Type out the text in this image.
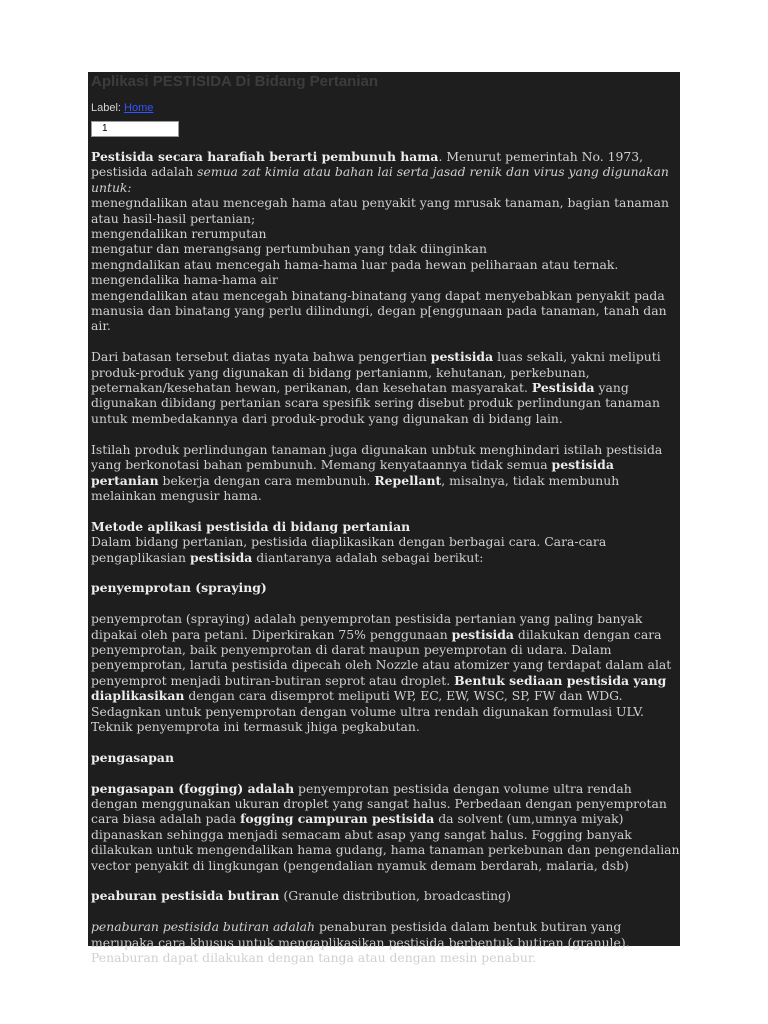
Aplikasi PESTISIDA Di Bidang Pertanian
Label: Home
1

Pestisida secara harafiah berarti pembunuh hama. Menurut pemerintah No. 1973, pestisida adalah semua zat kimia atau bahan lai serta jasad renik dan virus yang digunakan untuk:

menegndalikan atau mencegah hama atau penyakit yang mrusak tanaman, bagian tanaman atau hasil-hasil pertanian;

mengendalikan rerumputan

mengatur dan merangsang pertumbuhan yang tdak diinginkan

mengndalikan atau mencegah hama-hama luar pada hewan peliharaan atau ternak.

mengendalika hama-hama air

mengendalikan atau mencegah binatang-binatang yang dapat menyebabkan penyakit pada manusia dan binatang yang perlu dilindungi, degan p[enggunaan pada tanaman, tanah dan air.

Dari batasan tersebut diatas nyata bahwa pengertian pestisida luas sekali, yakni meliputi produk-produk yang digunakan di bidang pertanianm, kehutanan, perkebunan, peternakan/kesehatan hewan, perikanan, dan kesehatan masyarakat. Pestisida yang digunakan dibidang pertanian scara spesifik sering disebut produk perlindungan tanaman untuk membedakannya dari produk-produk yang digunakan di bidang lain.

Istilah produk perlindungan tanaman juga digunakan unbtuk menghindari istilah pestisida yang berkonotasi bahan pembunuh. Memang kenyataannya tidak semua pestisida pertanian bekerja dengan cara membunuh. Repellant, misalnya, tidak membunuh melainkan mengusir hama.

Metode aplikasi pestisida di bidang pertanian

Dalam bidang pertanian, pestisida diaplikasikan dengan berbagai cara. Cara-cara pengaplikasian pestisida diantaranya adalah sebagai berikut:

penyemprotan (spraying)

penyemprotan (spraying) adalah penyemprotan pestisida pertanian yang paling banyak dipakai oleh para petani. Diperkirakan 75% penggunaan pestisida dilakukan dengan cara penyemprotan, baik penyemprotan di darat maupun peyemprotan di udara. Dalam penyemprotan, laruta pestisida dipecah oleh Nozzle atau atomizer yang terdapat dalam alat penyemprot menjadi butiran-butiran seprot atau droplet. Bentuk sediaan pestisida yang diaplikasikan dengan cara disemprot meliputi WP, EC, EW, WSC, SP, FW dan WDG. Sedagnkan untuk penyemprotan dengan volume ultra rendah digunakan formulasi ULV. Teknik penyemprota ini termasuk jhiga pegkabutan.

pengasapan

pengasapan (fogging) adalah penyemprotan pestisida dengan volume ultra rendah dengan menggunakan ukuran droplet yang sangat halus. Perbedaan dengan penyemprotan cara biasa adalah pada fogging campuran pestisida da solvent (um,umnya miyak) dipanaskan sehingga menjadi semacam abut asap yang sangat halus. Fogging banyak dilakukan untuk mengendalikan hama gudang, hama tanaman perkebunan dan pengendalian vector penyakit di lingkungan (pengendalian nyamuk demam berdarah, malaria, dsb)

peaburan pestisida butiran (Granule distribution, broadcasting)

penaburan pestisida butiran adalah penaburan pestisida dalam bentuk butiran yang merupaka cara khusus untuk mengaplikasikan pestisida berbentuk butiran (granule). Penaburan dapat dilakukan dengan tanga atau dengan mesin penabur.
